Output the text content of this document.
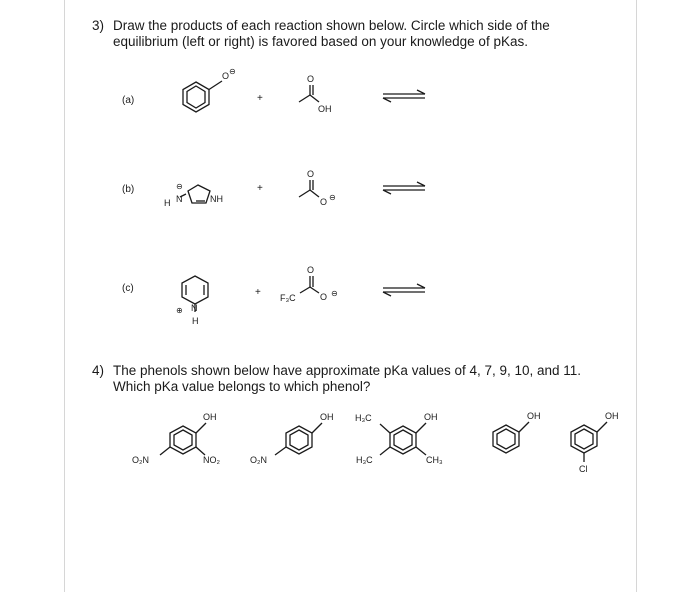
3) Draw the products of each reaction shown below. Circle which side of the
equilibrium (left or right) is favored based on your knowledge of pKas.
(a)
(b)
(c)
4) The phenols shown below have approximate pKa values of 4, 7, 9, 10, and 11.
Which pKa value belongs to which phenol?
O ⊖
+
O
OH
⊖
H N	NH
+
O
O ⊖
⊕ N
H
+
O
F₃C	O ⊖
OH
O₂N	NO₂
OH
O₂N
H₃C	OH
H₃C	CH₃
OH	OH
Cl
